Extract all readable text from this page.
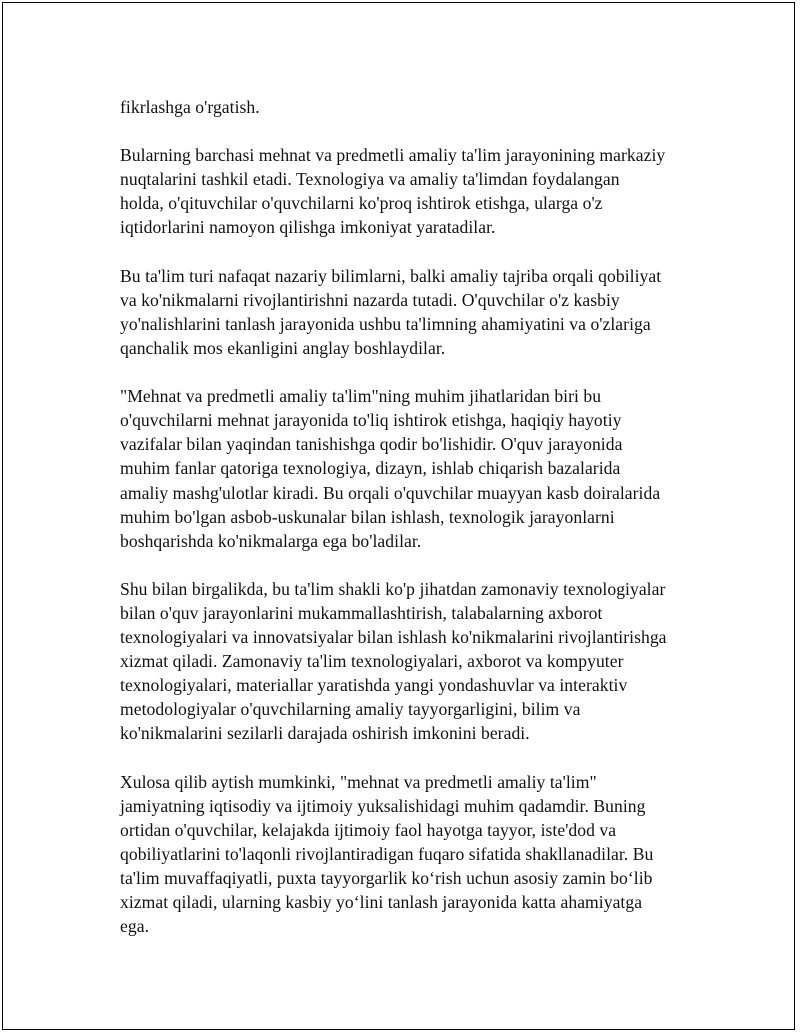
fikrlashga o'rgatish.

Bularning barchasi mehnat va predmetli amaliy ta'lim jarayonining markaziy
nuqtalarini tashkil etadi. Texnologiya va amaliy ta'limdan foydalangan
holda, o'qituvchilar o'quvchilarni ko'proq ishtirok etishga, ularga o'z
iqtidorlarini namoyon qilishga imkoniyat yaratadilar.

Bu ta'lim turi nafaqat nazariy bilimlarni, balki amaliy tajriba orqali qobiliyat
va ko'nikmalarni rivojlantirishni nazarda tutadi. O'quvchilar o'z kasbiy
yo'nalishlarini tanlash jarayonida ushbu ta'limning ahamiyatini va o'zlariga
qanchalik mos ekanligini anglay boshlaydilar.

"Mehnat va predmetli amaliy ta'lim"ning muhim jihatlaridan biri bu
o'quvchilarni mehnat jarayonida to'liq ishtirok etishga, haqiqiy hayotiy
vazifalar bilan yaqindan tanishishga qodir bo'lishidir. O'quv jarayonida
muhim fanlar qatoriga texnologiya, dizayn, ishlab chiqarish bazalarida
amaliy mashg'ulotlar kiradi. Bu orqali o'quvchilar muayyan kasb doiralarida
muhim bo'lgan asbob-uskunalar bilan ishlash, texnologik jarayonlarni
boshqarishda ko'nikmalarga ega bo'ladilar.

Shu bilan birgalikda, bu ta'lim shakli ko'p jihatdan zamonaviy texnologiyalar
bilan o'quv jarayonlarini mukammallashtirish, talabalarning axborot
texnologiyalari va innovatsiyalar bilan ishlash ko'nikmalarini rivojlantirishga
xizmat qiladi. Zamonaviy ta'lim texnologiyalari, axborot va kompyuter
texnologiyalari, materiallar yaratishda yangi yondashuvlar va interaktiv
metodologiyalar o'quvchilarning amaliy tayyorgarligini, bilim va
ko'nikmalarini sezilarli darajada oshirish imkonini beradi.

Xulosa qilib aytish mumkinki, "mehnat va predmetli amaliy ta'lim"
jamiyatning iqtisodiy va ijtimoiy yuksalishidagi muhim qadamdir. Buning
ortidan o'quvchilar, kelajakda ijtimoiy faol hayotga tayyor, iste'dod va
qobiliyatlarini to'laqonli rivojlantiradigan fuqaro sifatida shakllanadilar. Bu
ta'lim muvaffaqiyatli, puxta tayyorgarlik ko‘rish uchun asosiy zamin bo‘lib
xizmat qiladi, ularning kasbiy yo‘lini tanlash jarayonida katta ahamiyatga
ega.
